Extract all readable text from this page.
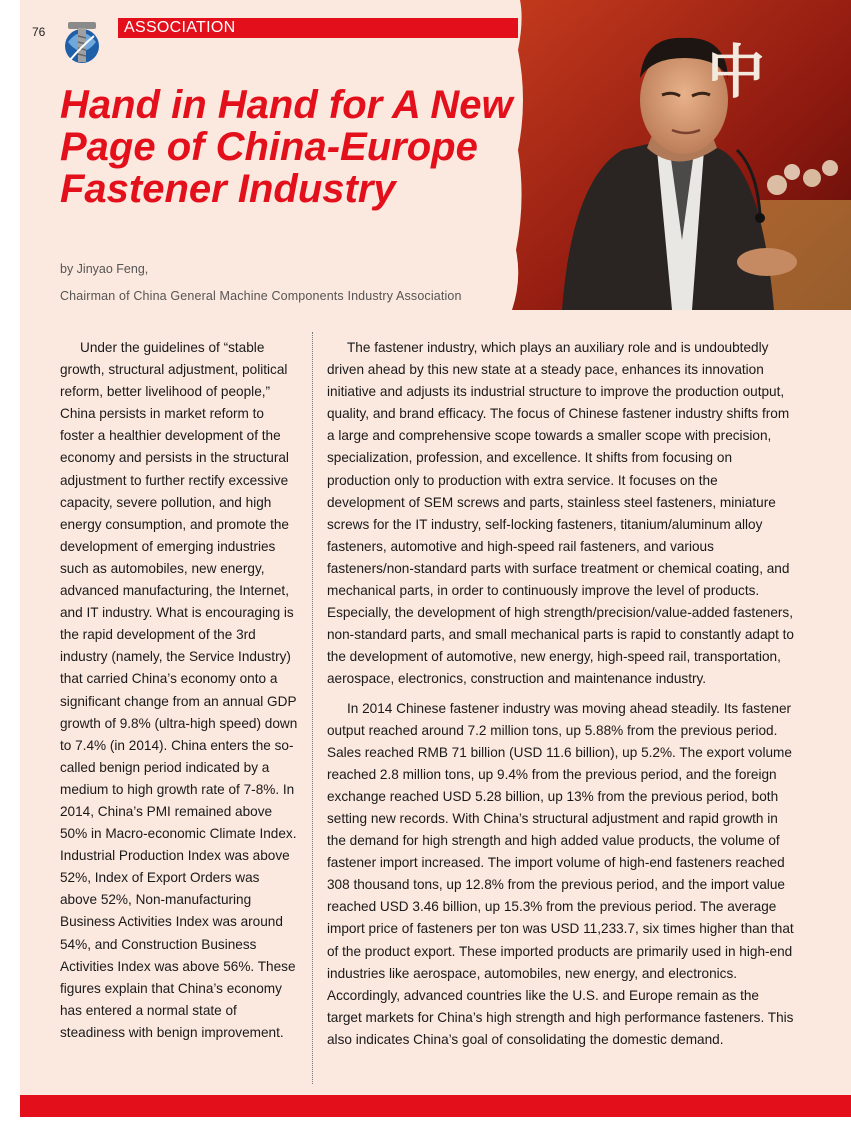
76	ASSOCIATION
Hand in Hand for A New Page of China-Europe Fastener Industry
by Jinyao Feng,
Chairman of China General Machine Components Industry Association
中

Under the guidelines of “stable growth, structural adjustment, political reform, better livelihood of people,” China persists in market reform to foster a healthier development of the economy and persists in the structural adjustment to further rectify excessive capacity, severe pollution, and high energy consumption, and promote the development of emerging industries such as automobiles, new energy, advanced manufacturing, the Internet, and IT industry. What is encouraging is the rapid development of the 3rd industry (namely, the Service Industry) that carried China’s economy onto a significant change from an annual GDP growth of 9.8% (ultra-high speed) down to 7.4% (in 2014). China enters the so-called benign period indicated by a medium to high growth rate of 7-8%. In 2014, China’s PMI remained above 50% in Macro-economic Climate Index. Industrial Production Index was above 52%, Index of Export Orders was above 52%, Non-manufacturing Business Activities Index was around 54%, and Construction Business Activities Index was above 56%. These figures explain that China’s economy has entered a normal state of steadiness with benign improvement.

The fastener industry, which plays an auxiliary role and is undoubtedly driven ahead by this new state at a steady pace, enhances its innovation initiative and adjusts its industrial structure to improve the production output, quality, and brand efficacy. The focus of Chinese fastener industry shifts from a large and comprehensive scope towards a smaller scope with precision, specialization, profession, and excellence. It shifts from focusing on production only to production with extra service. It focuses on the development of SEM screws and parts, stainless steel fasteners, miniature screws for the IT industry, self-locking fasteners, titanium/aluminum alloy fasteners, automotive and high-speed rail fasteners, and various fasteners/non-standard parts with surface treatment or chemical coating, and mechanical parts, in order to continuously improve the level of products. Especially, the development of high strength/precision/value-added fasteners, non-standard parts, and small mechanical parts is rapid to constantly adapt to the development of automotive, new energy, high-speed rail, transportation, aerospace, electronics, construction and maintenance industry.

In 2014 Chinese fastener industry was moving ahead steadily. Its fastener output reached around 7.2 million tons, up 5.88% from the previous period. Sales reached RMB 71 billion (USD 11.6 billion), up 5.2%. The export volume reached 2.8 million tons, up 9.4% from the previous period, and the foreign exchange reached USD 5.28 billion, up 13% from the previous period, both setting new records. With China’s structural adjustment and rapid growth in the demand for high strength and high added value products, the volume of fastener import increased. The import volume of high-end fasteners reached 308 thousand tons, up 12.8% from the previous period, and the import value reached USD 3.46 billion, up 15.3% from the previous period. The average import price of fasteners per ton was USD 11,233.7, six times higher than that of the product export. These imported products are primarily used in high-end industries like aerospace, automobiles, new energy, and electronics. Accordingly, advanced countries like the U.S. and Europe remain as the target markets for China’s high strength and high performance fasteners. This also indicates China’s goal of consolidating the domestic demand.
